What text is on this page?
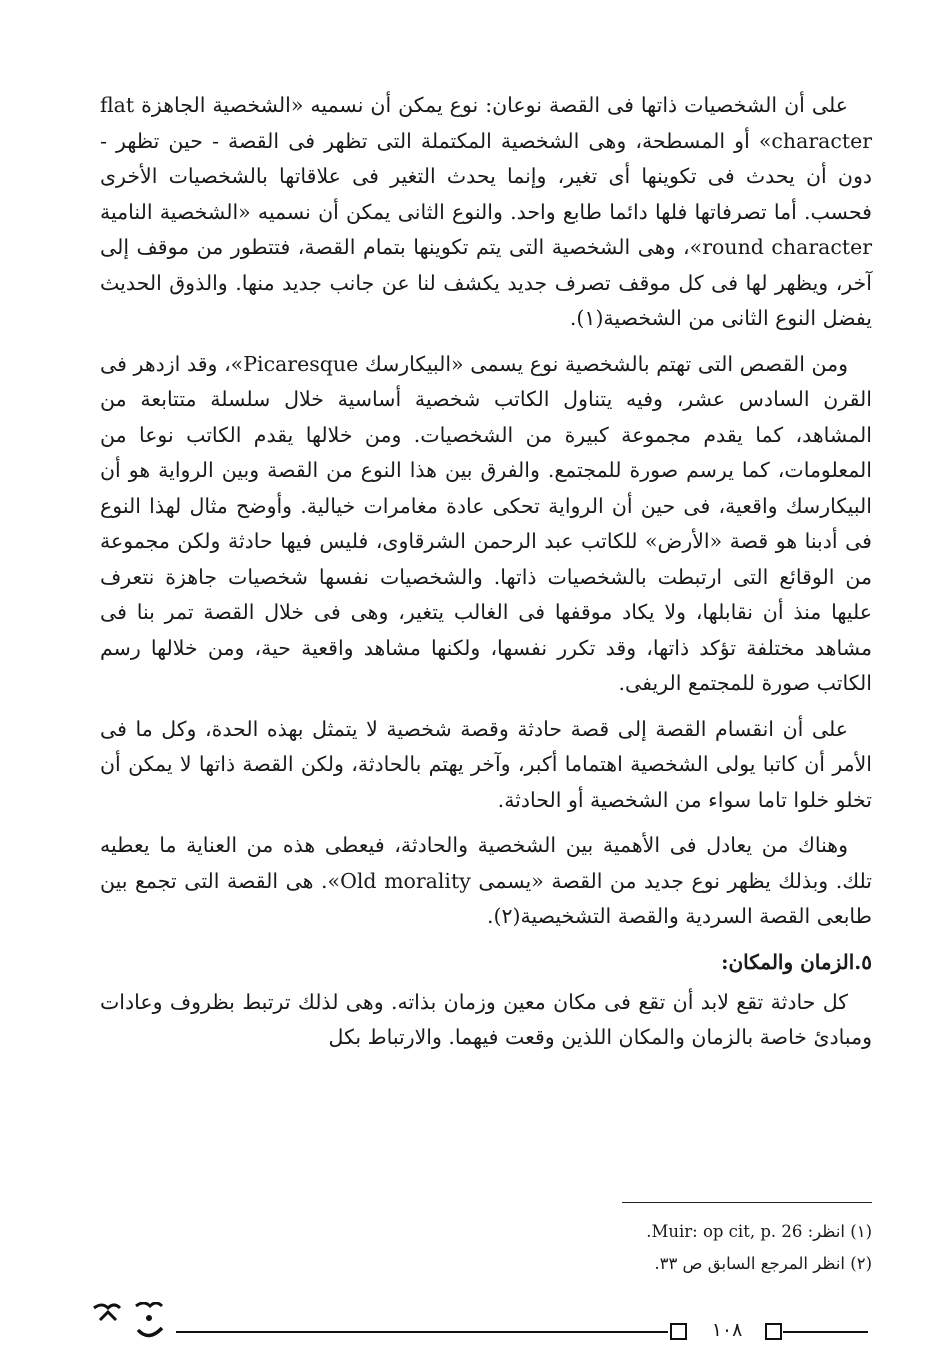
على أن الشخصيات ذاتها فى القصة نوعان: نوع يمكن أن نسميه «الشخصية الجاهزة flat character» أو المسطحة، وهى الشخصية المكتملة التى تظهر فى القصة - حين تظهر - دون أن يحدث فى تكوينها أى تغير، وإنما يحدث التغير فى علاقاتها بالشخصيات الأخرى فحسب. أما تصرفاتها فلها دائما طابع واحد. والنوع الثانى يمكن أن نسميه «الشخصية النامية round character»، وهى الشخصية التى يتم تكوينها بتمام القصة، فتتطور من موقف إلى آخر، ويظهر لها فى كل موقف تصرف جديد يكشف لنا عن جانب جديد منها. والذوق الحديث يفضل النوع الثانى من الشخصية(١).

ومن القصص التى تهتم بالشخصية نوع يسمى «البيكارسك Picaresque»، وقد ازدهر فى القرن السادس عشر، وفيه يتناول الكاتب شخصية أساسية خلال سلسلة متتابعة من المشاهد، كما يقدم مجموعة كبيرة من الشخصيات. ومن خلالها يقدم الكاتب نوعا من المعلومات، كما يرسم صورة للمجتمع. والفرق بين هذا النوع من القصة وبين الرواية هو أن البيكارسك واقعية، فى حين أن الرواية تحكى عادة مغامرات خيالية. وأوضح مثال لهذا النوع فى أدبنا هو قصة «الأرض» للكاتب عبد الرحمن الشرقاوى، فليس فيها حادثة ولكن مجموعة من الوقائع التى ارتبطت بالشخصيات ذاتها. والشخصيات نفسها شخصيات جاهزة نتعرف عليها منذ أن نقابلها، ولا يكاد موقفها فى الغالب يتغير، وهى فى خلال القصة تمر بنا فى مشاهد مختلفة تؤكد ذاتها، وقد تكرر نفسها، ولكنها مشاهد واقعية حية، ومن خلالها رسم الكاتب صورة للمجتمع الريفى.

على أن انقسام القصة إلى قصة حادثة وقصة شخصية لا يتمثل بهذه الحدة، وكل ما فى الأمر أن كاتبا يولى الشخصية اهتماما أكبر، وآخر يهتم بالحادثة، ولكن القصة ذاتها لا يمكن أن تخلو خلوا تاما سواء من الشخصية أو الحادثة.

وهناك من يعادل فى الأهمية بين الشخصية والحادثة، فيعطى هذه من العناية ما يعطيه تلك. وبذلك يظهر نوع جديد من القصة «يسمى Old morality». هى القصة التى تجمع بين طابعى القصة السردية والقصة التشخيصية(٢).

٥.الزمان والمكان:

كل حادثة تقع لابد أن تقع فى مكان معين وزمان بذاته. وهى لذلك ترتبط بظروف وعادات ومبادئ خاصة بالزمان والمكان اللذين وقعت فيهما. والارتباط بكل

(١) انظر: Muir: op cit, p. 26.

(٢) انظر المرجع السابق ص ٣٣.

١٠٨
